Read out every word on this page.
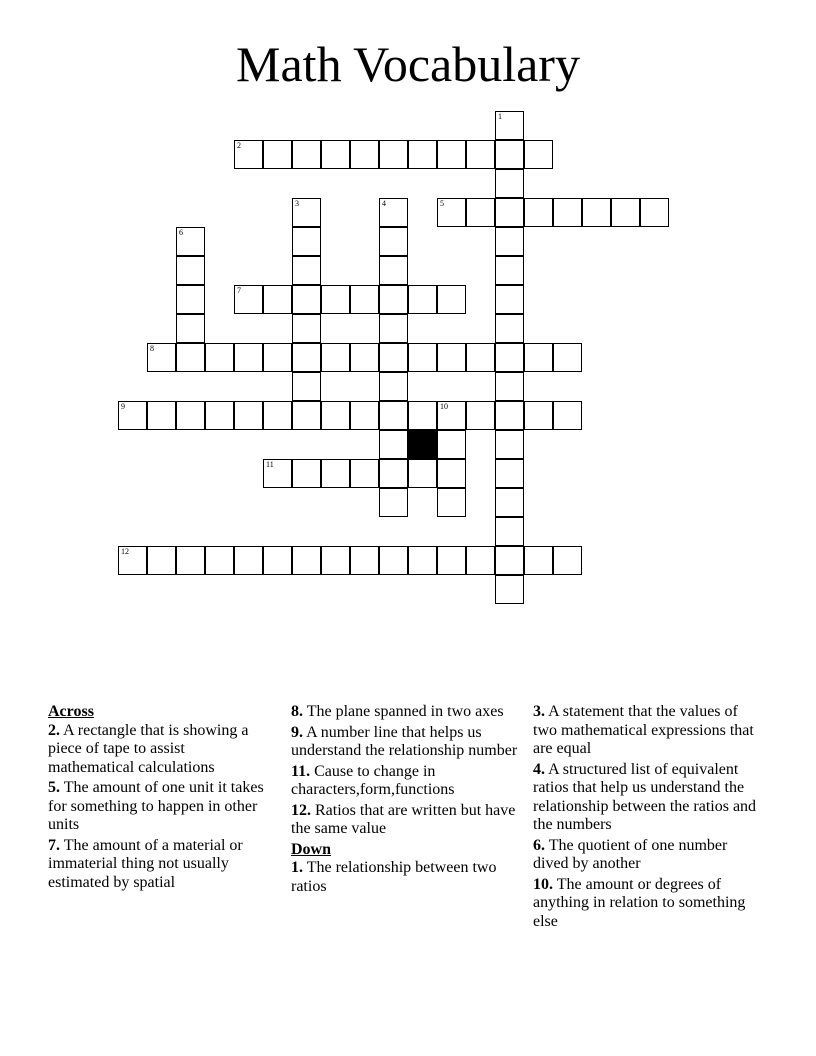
Math Vocabulary
1
2
3	4	5
6
7
8
9	10
11
12

Across

2. A rectangle that is showing a piece of tape to assist mathematical calculations

5. The amount of one unit it takes for something to happen in other units

7. The amount of a material or immaterial thing not usually estimated by spatial

8. The plane spanned in two axes

9. A number line that helps us understand the relationship number

11. Cause to change in characters,form,functions

12. Ratios that are written but have the same value

Down

1. The relationship between two ratios

3. A statement that the values of two mathematical expressions that are equal

4. A structured list of equivalent ratios that help us understand the relationship between the ratios and the numbers

6. The quotient of one number dived by another

10. The amount or degrees of anything in relation to something else
